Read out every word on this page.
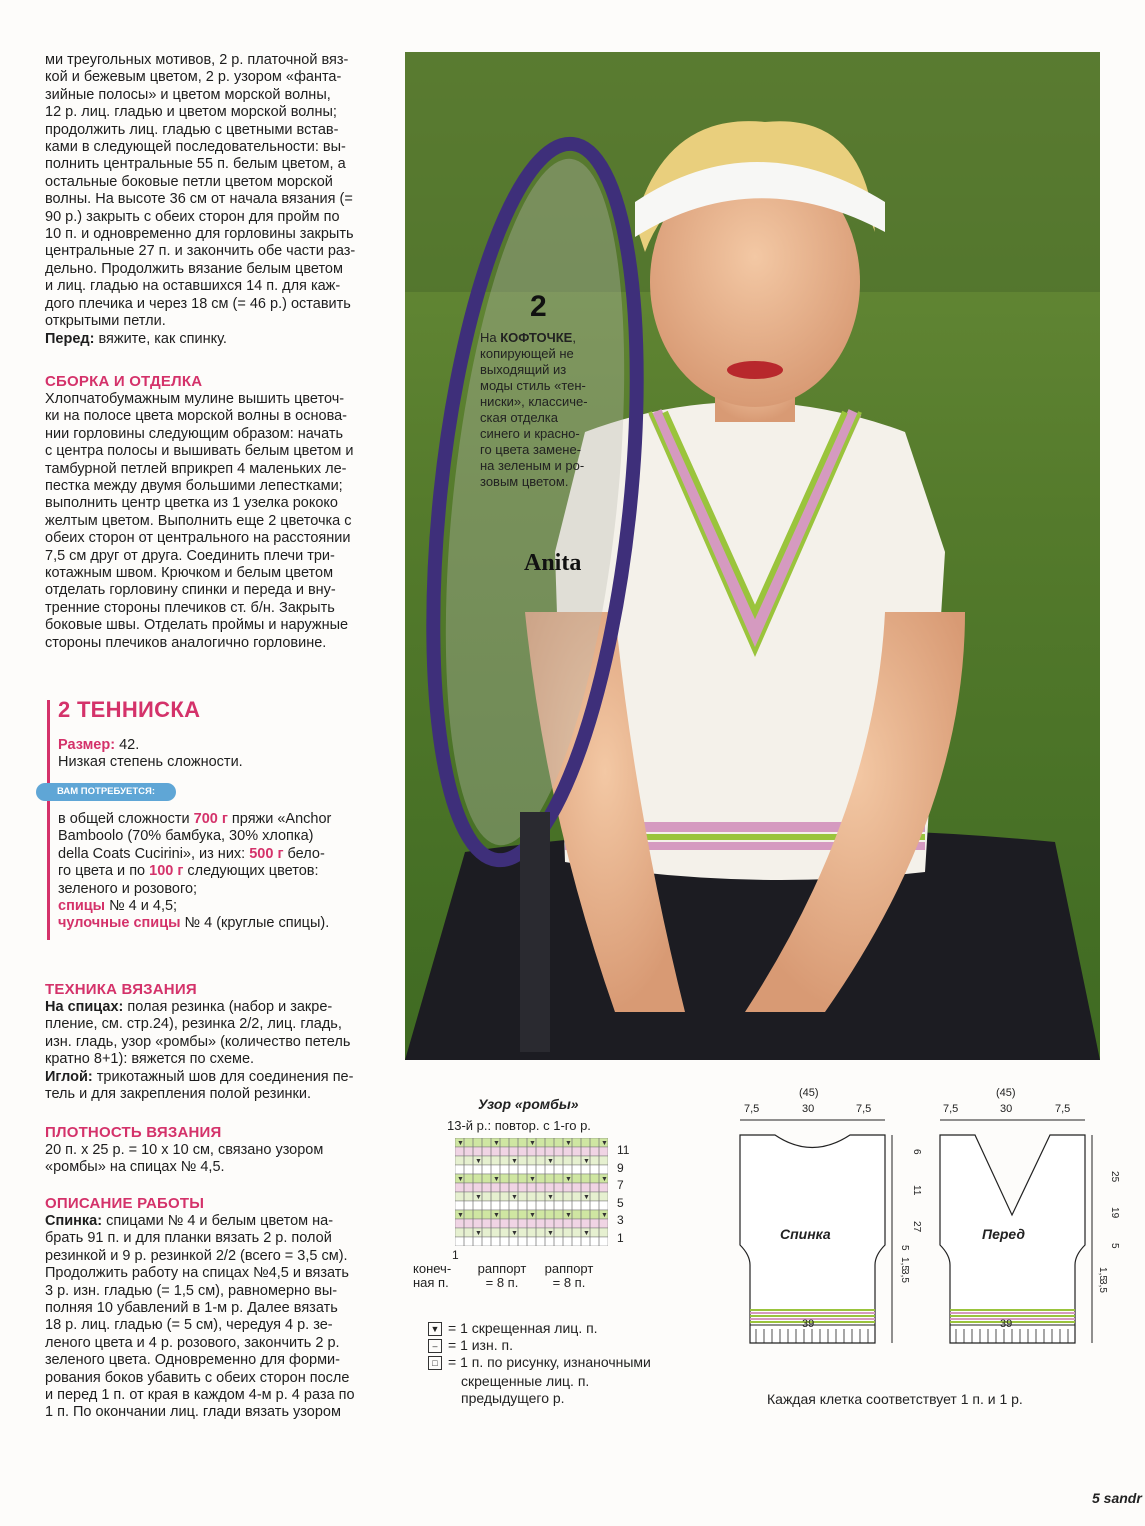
ми треугольных мотивов, 2 р. платочной вяз-

кой и бежевым цветом, 2 р. узором «фанта-

зийные полосы» и цветом морской волны,

12 р. лиц. гладью и цветом морской волны;

продолжить лиц. гладью с цветными встав-

ками в следующей последовательности: вы-

полнить центральные 55 п. белым цветом, а

остальные боковые петли цветом морской

волны. На высоте 36 см от начала вязания (=

90 р.) закрыть с обеих сторон для пройм по

10 п. и одновременно для горловины закрыть

центральные 27 п. и закончить обе части раз-

дельно. Продолжить вязание белым цветом

и лиц. гладью на оставшихся 14 п. для каж-

дого плечика и через 18 см (= 46 р.) оставить

открытыми петли.

Перед: вяжите, как спинку.
СБОРКА И ОТДЕЛКА

Хлопчатобумажным мулине вышить цветоч-

ки на полосе цвета морской волны в основа-

нии горловины следующим образом: начать

с центра полосы и вышивать белым цветом и

тамбурной петлей вприкреп 4 маленьких ле-

пестка между двумя большими лепестками;

выполнить центр цветка из 1 узелка рококо

желтым цветом. Выполнить еще 2 цветочка с

обеих сторон от центрального на расстоянии

7,5 см друг от друга. Соединить плечи три-

котажным швом. Крючком и белым цветом

отделать горловину спинки и переда и вну-

тренние стороны плечиков ст. б/н. Закрыть

боковые швы. Отделать проймы и наружные

стороны плечиков аналогично горловине.

2 ТЕННИСКА
Размер: 42.
Низкая степень сложности.
ВАМ ПОТРЕБУЕТСЯ:
в общей сложности 700 г пряжи «Anchor
Bamboolo (70% бамбука, 30% хлопка)
della Coats Cucirini», из них: 500 г бело-
го цвета и по 100 г следующих цветов:
зеленого и розового;
спицы № 4 и 4,5;
чулочные спицы № 4 (круглые спицы).
ТЕХНИКА ВЯЗАНИЯ

На спицах: полая резинка (набор и закре-

пление, см. стр.24), резинка 2/2, лиц. гладь,

изн. гладь, узор «ромбы» (количество петель

кратно 8+1): вяжется по схеме.

Иглой: трикотажный шов для соединения пе-

тель и для закрепления полой резинки.

ПЛОТНОСТЬ ВЯЗАНИЯ

20 п. x 25 р. = 10 x 10 см, связано узором

«ромбы» на спицах № 4,5.

ОПИСАНИЕ РАБОТЫ

Спинка: спицами № 4 и белым цветом на-

брать 91 п. и для планки вязать 2 р. полой

резинкой и 9 р. резинкой 2/2 (всего = 3,5 см).

Продолжить работу на спицах №4,5 и вязать

3 р. изн. гладью (= 1,5 см), равномерно вы-

полняя 10 убавлений в 1-м р. Далее вязать

18 р. лиц. гладью (= 5 см), чередуя 4 р. зе-

леного цвета и 4 р. розового, закончить 2 р.

зеленого цвета. Одновременно для форми-

рования боков убавить с обеих сторон после

и перед 1 п. от края в каждом 4-м р. 4 раза по

1 п. По окончании лиц. глади вязать узором

2
На КОФТОЧКЕ,
копирующей не
выходящий из
моды стиль «тен-
ниски», классиче-
ская отделка
синего и красно-
го цвета замене-
на зеленым и ро-
зовым цветом.
Anita
Узор «ромбы»
13-й р.: повтор. с 1-го р.
▼	▼	▼	▼	▼
▼	▼	▼	▼
▼	▼	▼	▼	▼
▼	▼	▼	▼
▼	▼	▼	▼	▼
▼	▼	▼	▼
11
9
7
5
3
1
1
конеч-
ная п.
раппорт
= 8 п.
раппорт
= 8 п.
▼ = 1 скрещенная лиц. п.
– = 1 изн. п.
□ = 1 п. по рисунку, изнаночными
скрещенные лиц. п.
предыдущего р.
(45)
7,5	30	7,5
Спинка
39
6
11
27
5
1,5
3,5
(45)
7,5	30	7,5
Перед
39
25
19
5
1,5
3,5
Каждая клетка соответствует 1 п. и 1 р.
5 sandr
